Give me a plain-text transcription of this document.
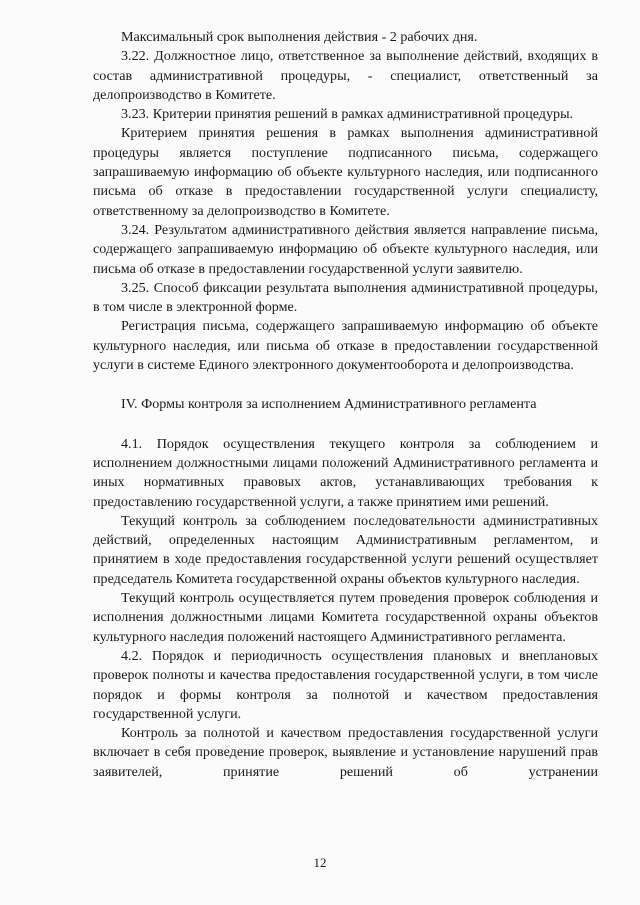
Максимальный срок выполнения действия - 2 рабочих дня.

3.22. Должностное лицо, ответственное за выполнение действий, входящих в состав административной процедуры, - специалист, ответственный за делопроизводство в Комитете.

3.23. Критерии принятия решений в рамках административной процедуры.

Критерием принятия решения в рамках выполнения административной процедуры является поступление подписанного письма, содержащего запрашиваемую информацию об объекте культурного наследия, или подписанного письма об отказе в предоставлении государственной услуги специалисту, ответственному за делопроизводство в Комитете.

3.24. Результатом административного действия является направление письма, содержащего запрашиваемую информацию об объекте культурного наследия, или письма об отказе в предоставлении государственной услуги заявителю.

3.25. Способ фиксации результата выполнения административной процедуры, в том числе в электронной форме.

Регистрация письма, содержащего запрашиваемую информацию об объекте культурного наследия, или письма об отказе в предоставлении государственной услуги в системе Единого электронного документооборота и делопроизводства.

IV. Формы контроля за исполнением Административного регламента

4.1. Порядок осуществления текущего контроля за соблюдением и исполнением должностными лицами положений Административного регламента и иных нормативных правовых актов, устанавливающих требования к предоставлению государственной услуги, а также принятием ими решений.

Текущий контроль за соблюдением последовательности административных действий, определенных настоящим Административным регламентом, и принятием в ходе предоставления государственной услуги решений осуществляет председатель Комитета государственной охраны объектов культурного наследия.

Текущий контроль осуществляется путем проведения проверок соблюдения и исполнения должностными лицами Комитета государственной охраны объектов культурного наследия положений настоящего Административного регламента.

4.2. Порядок и периодичность осуществления плановых и внеплановых проверок полноты и качества предоставления государственной услуги, в том числе порядок и формы контроля за полнотой и качеством предоставления государственной услуги.

Контроль за полнотой и качеством предоставления государственной услуги включает в себя проведение проверок, выявление и установление нарушений прав заявителей, принятие решений об устранении

12
